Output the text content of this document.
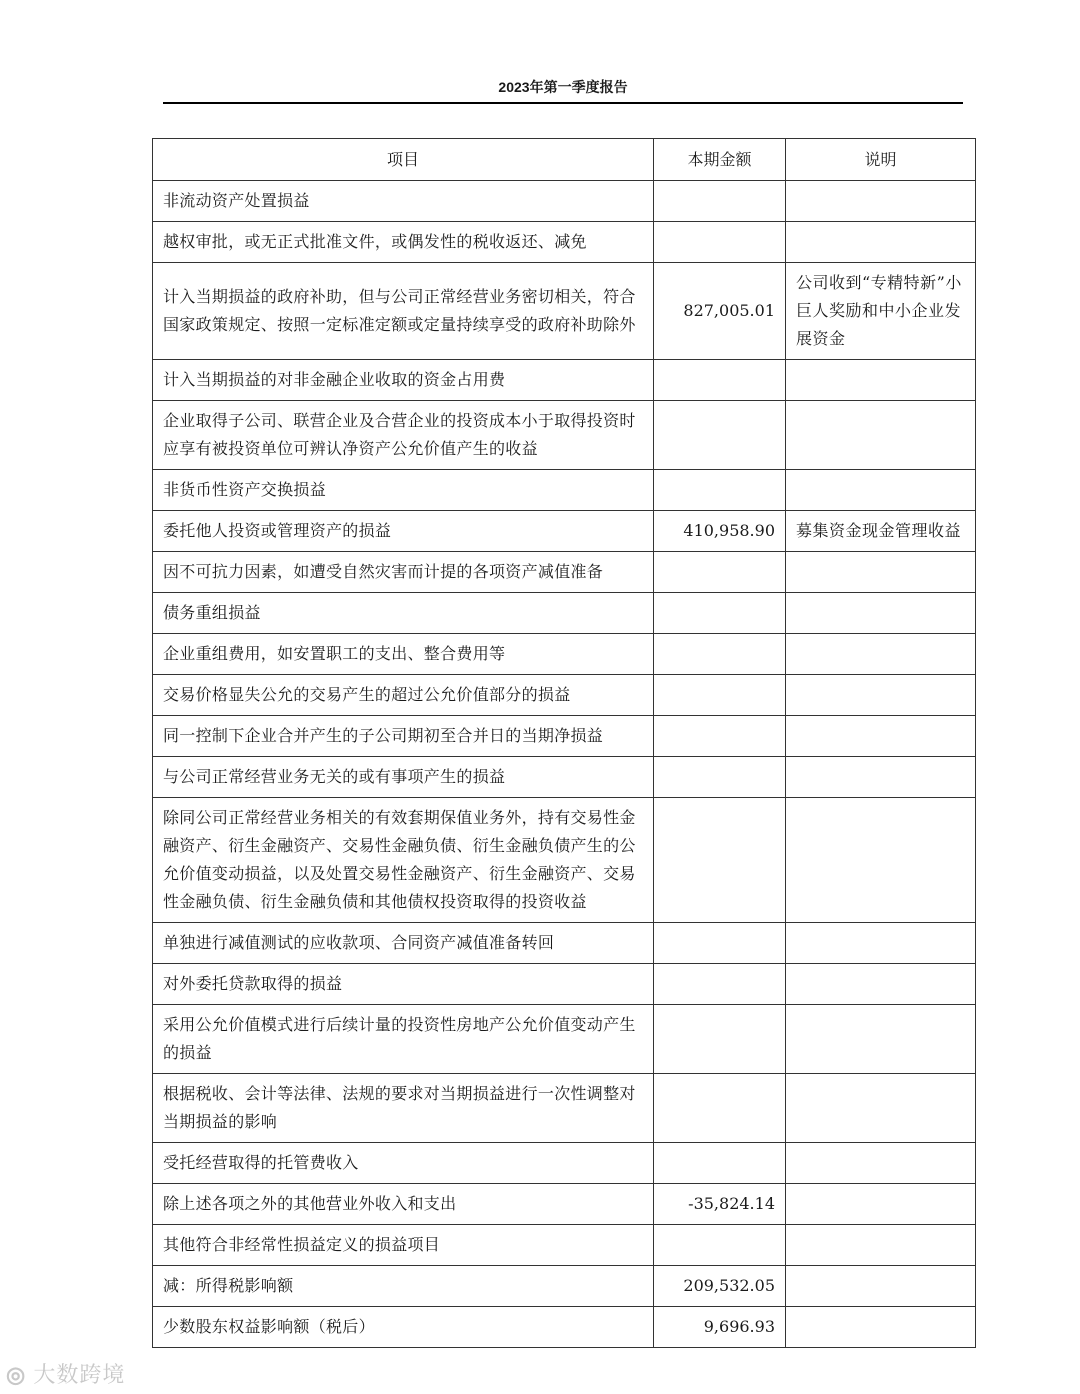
2023年第一季度报告
项目	本期金额	说明
非流动资产处置损益		
越权审批，或无正式批准文件，或偶发性的税收返还、减免		
计入当期损益的政府补助，但与公司正常经营业务密切相关，符合国家政策规定、按照一定标准定额或定量持续享受的政府补助除外	827,005.01	公司收到“专精特新”小巨人奖励和中小企业发展资金
计入当期损益的对非金融企业收取的资金占用费		
企业取得子公司、联营企业及合营企业的投资成本小于取得投资时应享有被投资单位可辨认净资产公允价值产生的收益		
非货币性资产交换损益		
委托他人投资或管理资产的损益	410,958.90	募集资金现金管理收益
因不可抗力因素，如遭受自然灾害而计提的各项资产减值准备		
债务重组损益		
企业重组费用，如安置职工的支出、整合费用等		
交易价格显失公允的交易产生的超过公允价值部分的损益		
同一控制下企业合并产生的子公司期初至合并日的当期净损益		
与公司正常经营业务无关的或有事项产生的损益		
除同公司正常经营业务相关的有效套期保值业务外，持有交易性金融资产、衍生金融资产、交易性金融负债、衍生金融负债产生的公允价值变动损益，以及处置交易性金融资产、衍生金融资产、交易性金融负债、衍生金融负债和其他债权投资取得的投资收益		
单独进行减值测试的应收款项、合同资产减值准备转回		
对外委托贷款取得的损益		
采用公允价值模式进行后续计量的投资性房地产公允价值变动产生的损益		
根据税收、会计等法律、法规的要求对当期损益进行一次性调整对当期损益的影响		
受托经营取得的托管费收入		
除上述各项之外的其他营业外收入和支出	-35,824.14	
其他符合非经常性损益定义的损益项目		
减：所得税影响额	209,532.05	
少数股东权益影响额（税后）	9,696.93	
◎ 大数跨境
